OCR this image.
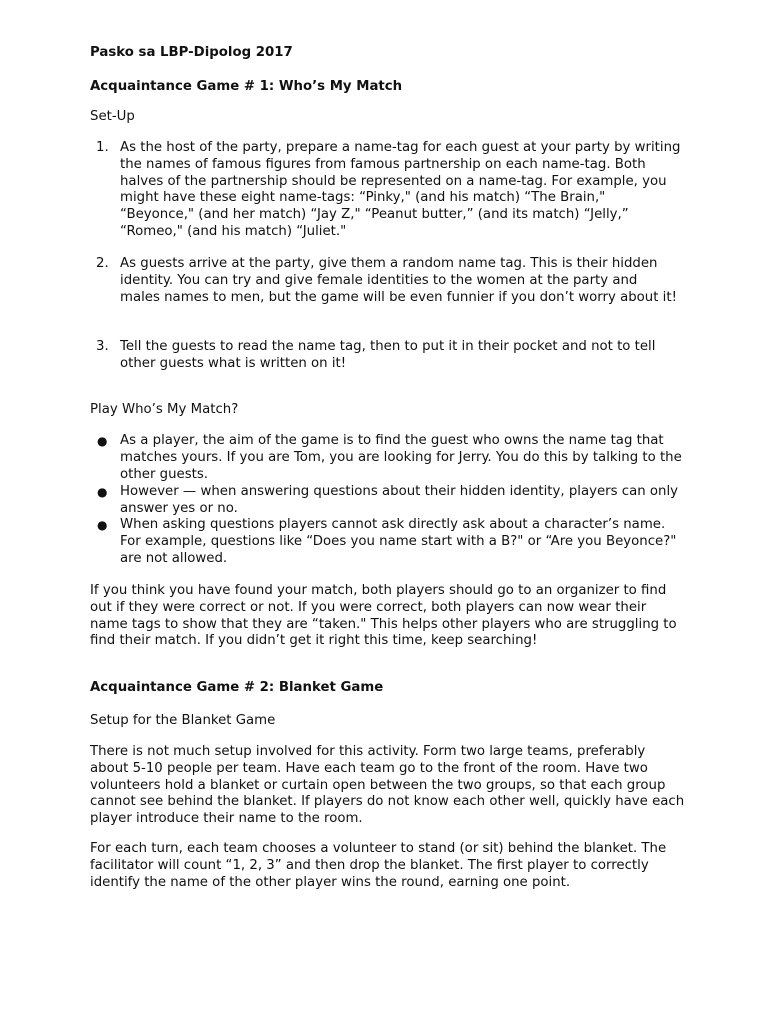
Pasko sa LBP-Dipolog 2017

Acquaintance Game # 1: Who’s My Match

Set-Up

1. As the host of the party, prepare a name-tag for each guest at your party by writing the names of famous figures from famous partnership on each name-tag. Both halves of the partnership should be represented on a name-tag. For example, you might have these eight name-tags: “Pinky," (and his match) “The Brain," “Beyonce," (and her match) “Jay Z," “Peanut butter,” (and its match) “Jelly,” “Romeo," (and his match) “Juliet."
2. As guests arrive at the party, give them a random name tag. This is their hidden identity. You can try and give female identities to the women at the party and males names to men, but the game will be even funnier if you don’t worry about it!
3. Tell the guests to read the name tag, then to put it in their pocket and not to tell other guests what is written on it!

Play Who’s My Match?

● As a player, the aim of the game is to find the guest who owns the name tag that matches yours. If you are Tom, you are looking for Jerry. You do this by talking to the other guests.
● However — when answering questions about their hidden identity, players can only answer yes or no.
● When asking questions players cannot ask directly ask about a character’s name. For example, questions like “Does you name start with a B?" or “Are you Beyonce?" are not allowed.

If you think you have found your match, both players should go to an organizer to find out if they were correct or not. If you were correct, both players can now wear their name tags to show that they are “taken." This helps other players who are struggling to find their match. If you didn’t get it right this time, keep searching!

Acquaintance Game # 2: Blanket Game

Setup for the Blanket Game

There is not much setup involved for this activity. Form two large teams, preferably about 5-10 people per team. Have each team go to the front of the room. Have two volunteers hold a blanket or curtain open between the two groups, so that each group cannot see behind the blanket. If players do not know each other well, quickly have each player introduce their name to the room.

For each turn, each team chooses a volunteer to stand (or sit) behind the blanket. The facilitator will count “1, 2, 3” and then drop the blanket. The first player to correctly identify the name of the other player wins the round, earning one point.
